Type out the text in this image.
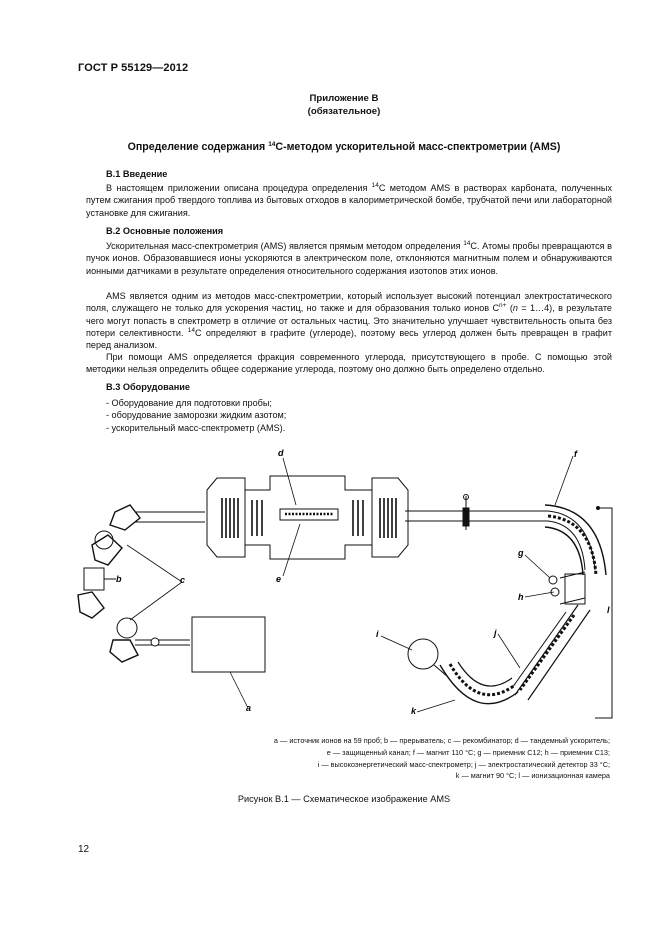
ГОСТ Р 55129—2012
Приложение В
(обязательное)
Определение содержания $^{14}$С-методом ускорительной масс-спектрометрии (AMS)
В.1 Введение
В настоящем приложении описана процедура определения $^{14}$С методом AMS в растворах карбоната, полученных путем сжигания проб твердого топлива из бытовых отходов в калориметрической бомбе, трубчатой печи или лабораторной установке для сжигания.
В.2 Основные положения
Ускорительная масс-спектрометрия (AMS) является прямым методом определения $^{14}$С. Атомы пробы превращаются в пучок ионов. Образовавшиеся ионы ускоряются в электрическом поле, отклоняются магнитным полем и обнаруживаются ионными датчиками в результате определения относительного содержания изотопов этих ионов.
AMS является одним из методов масс-спектрометрии, который использует высокий потенциал электростатического поля, служащего не только для ускорения частиц, но также и для образования только ионов $C^{n+}$ (n = 1…4), в результате чего могут попасть в спектрометр в отличие от остальных частиц. Это значительно улучшает чувствительность опыта без потери селективности. $^{14}$С определяют в графите (углероде), поэтому весь углерод должен быть превращен в графит перед анализом.
При помощи AMS определяется фракция современного углерода, присутствующего в пробе. С помощью этой методики нельзя определить общее содержание углерода, поэтому оно должно быть определено отдельно.
В.3 Оборудование
- Оборудование для подготовки пробы;
- оборудование заморозки жидким азотом;
- ускорительный масс-спектрометр (AMS).
d
e
b	c
f
g
h
l
i	j
k
a
a — источник ионов на 59 проб; b — прерыватель; c — рекомбинатор; d — тандемный ускоритель;
e — защищенный канал; f — магнит 110 °C; g — приемник C12; h — приемник C13;
i — высокоэнергетический масс-спектрометр; j — электростатический детектор 33 °C;
k — магнит 90 °C; l — ионизационная камера
Рисунок В.1 — Схематическое изображение AMS
12
